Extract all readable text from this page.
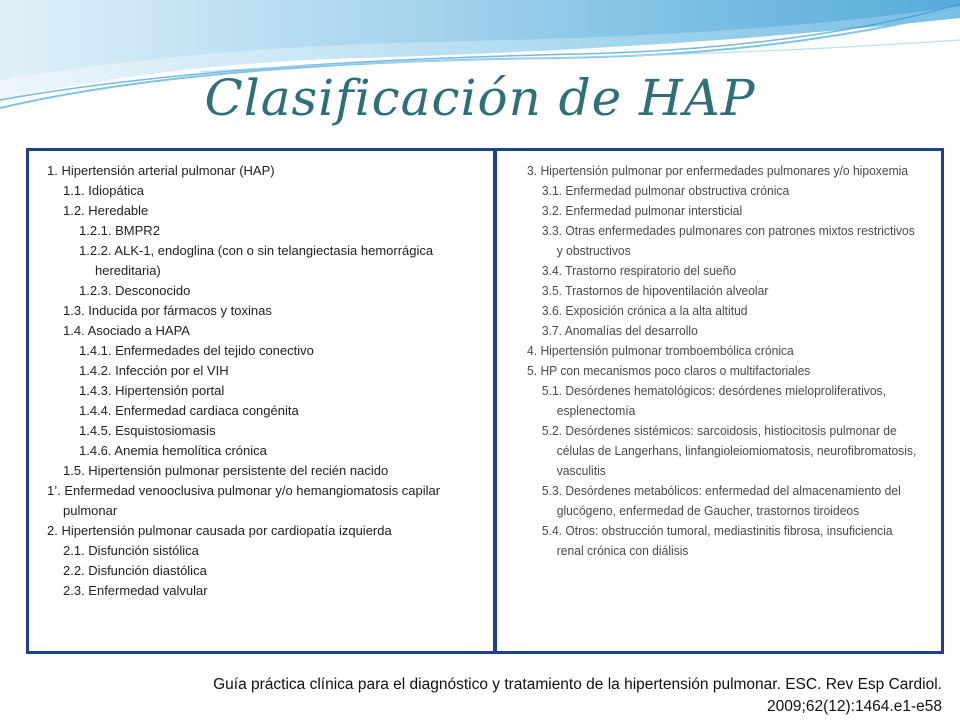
Clasificación de HAP
1. Hipertensión arterial pulmonar (HAP)
1.1. Idiopática
1.2. Heredable
1.2.1. BMPR2
1.2.2. ALK-1, endoglina (con o sin telangiectasia hemorrágica
hereditaria)
1.2.3. Desconocido
1.3. Inducida por fármacos y toxinas
1.4. Asociado a HAPA
1.4.1. Enfermedades del tejido conectivo
1.4.2. Infección por el VIH
1.4.3. Hipertensión portal
1.4.4. Enfermedad cardiaca congénita
1.4.5. Esquistosiomasis
1.4.6. Anemia hemolítica crónica
1.5. Hipertensión pulmonar persistente del recién nacido
1’. Enfermedad venooclusiva pulmonar y/o hemangiomatosis capilar
pulmonar
2. Hipertensión pulmonar causada por cardiopatía izquierda
2.1. Disfunción sistólica
2.2. Disfunción diastólica
2.3. Enfermedad valvular
3. Hipertensión pulmonar por enfermedades pulmonares y/o hipoxemia
3.1. Enfermedad pulmonar obstructiva crónica
3.2. Enfermedad pulmonar intersticial
3.3. Otras enfermedades pulmonares con patrones mixtos restrictivos
y obstructivos
3.4. Trastorno respiratorio del sueño
3.5. Trastornos de hipoventilación alveolar
3.6. Exposición crónica a la alta altitud
3.7. Anomalías del desarrollo
4. Hipertensión pulmonar tromboembólica crónica
5. HP con mecanismos poco claros o multifactoriales
5.1. Desórdenes hematológicos: desórdenes mieloproliferativos,
esplenectomía
5.2. Desórdenes sistémicos: sarcoidosis, histiocitosis pulmonar de
células de Langerhans, linfangioleiomiomatosis, neurofibromatosis,
vasculitis
5.3. Desórdenes metabólicos: enfermedad del almacenamiento del
glucógeno, enfermedad de Gaucher, trastornos tiroideos
5.4. Otros: obstrucción tumoral, mediastinitis fibrosa, insuficiencia
renal crónica con diálisis
Guía práctica clínica para el diagnóstico y tratamiento de la hipertensión pulmonar. ESC. Rev Esp Cardiol.
2009;62(12):1464.e1-e58
